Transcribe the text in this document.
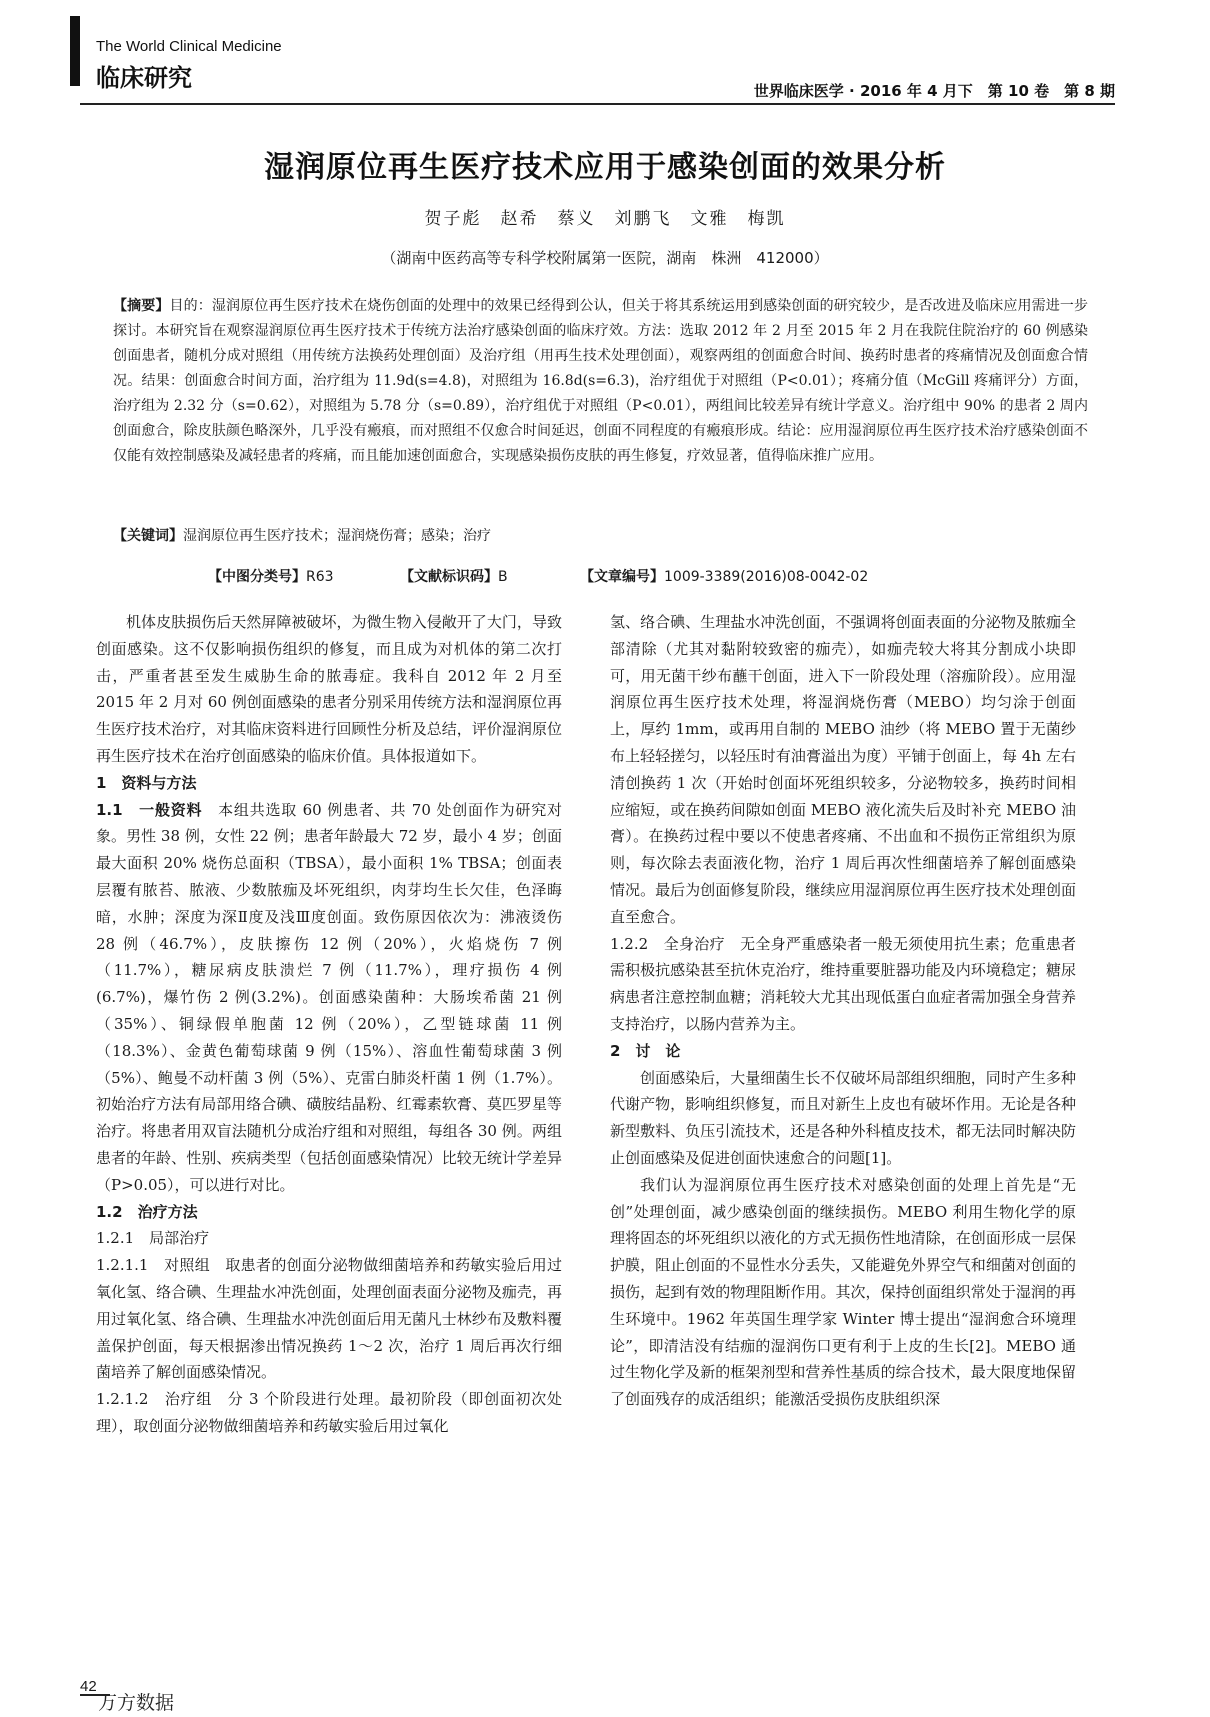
The World Clinical Medicine
临床研究	世界临床医学 · 2016 年 4 月下　第 10 卷　第 8 期
湿润原位再生医疗技术应用于感染创面的效果分析
贺子彪　赵希　蔡义　刘鹏飞　文雅　梅凯
（湖南中医药高等专科学校附属第一医院，湖南　株洲　412000）
【摘要】目的：湿润原位再生医疗技术在烧伤创面的处理中的效果已经得到公认，但关于将其系统运用到感染创面的研究较少，是否改进及临床应用需进一步探讨。本研究旨在观察湿润原位再生医疗技术于传统方法治疗感染创面的临床疗效。方法：选取 2012 年 2 月至 2015 年 2 月在我院住院治疗的 60 例感染创面患者，随机分成对照组（用传统方法换药处理创面）及治疗组（用再生技术处理创面），观察两组的创面愈合时间、换药时患者的疼痛情况及创面愈合情况。结果：创面愈合时间方面，治疗组为 11.9d(s=4.8)，对照组为 16.8d(s=6.3)，治疗组优于对照组（P<0.01）；疼痛分值（McGill 疼痛评分）方面，治疗组为 2.32 分（s=0.62），对照组为 5.78 分（s=0.89），治疗组优于对照组（P<0.01），两组间比较差异有统计学意义。治疗组中 90% 的患者 2 周内创面愈合，除皮肤颜色略深外，几乎没有瘢痕，而对照组不仅愈合时间延迟，创面不同程度的有瘢痕形成。结论：应用湿润原位再生医疗技术治疗感染创面不仅能有效控制感染及减轻患者的疼痛，而且能加速创面愈合，实现感染损伤皮肤的再生修复，疗效显著，值得临床推广应用。
【关键词】湿润原位再生医疗技术；湿润烧伤膏；感染；治疗
【中图分类号】R63	【文献标识码】B	【文章编号】1009-3389(2016)08-0042-02

机体皮肤损伤后天然屏障被破坏，为微生物入侵敞开了大门，导致创面感染。这不仅影响损伤组织的修复，而且成为对机体的第二次打击，严重者甚至发生威胁生命的脓毒症。我科自 2012 年 2 月至 2015 年 2 月对 60 例创面感染的患者分别采用传统方法和湿润原位再生医疗技术治疗，对其临床资料进行回顾性分析及总结，评价湿润原位再生医疗技术在治疗创面感染的临床价值。具体报道如下。

1　资料与方法

1.1　一般资料　 本组共选取 60 例患者、共 70 处创面作为研究对象。男性 38 例，女性 22 例；患者年龄最大 72 岁，最小 4 岁；创面最大面积 20% 烧伤总面积（TBSA），最小面积 1% TBSA；创面表层覆有脓苔、脓液、少数脓痂及坏死组织，肉芽均生长欠佳，色泽晦暗，水肿；深度为深Ⅱ度及浅Ⅲ度创面。致伤原因依次为：沸液烫伤 28 例（46.7%），皮肤擦伤 12 例（20%），火焰烧伤 7 例（11.7%），糖尿病皮肤溃烂 7 例（11.7%），理疗损伤 4 例(6.7%)，爆竹伤 2 例(3.2%)。创面感染菌种：大肠埃希菌 21 例（35%）、铜绿假单胞菌 12 例（20%），乙型链球菌 11 例（18.3%）、金黄色葡萄球菌 9 例（15%）、溶血性葡萄球菌 3 例（5%）、鲍曼不动杆菌 3 例（5%）、克雷白肺炎杆菌 1 例（1.7%）。初始治疗方法有局部用络合碘、磺胺结晶粉、红霉素软膏、莫匹罗星等治疗。将患者用双盲法随机分成治疗组和对照组，每组各 30 例。两组患者的年龄、性别、疾病类型（包括创面感染情况）比较无统计学差异（P>0.05），可以进行对比。

1.2　治疗方法

1.2.1　局部治疗

1.2.1.1　对照组　取患者的创面分泌物做细菌培养和药敏实验后用过氧化氢、络合碘、生理盐水冲洗创面，处理创面表面分泌物及痂壳，再用过氧化氢、络合碘、生理盐水冲洗创面后用无菌凡士林纱布及敷料覆盖保护创面，每天根据渗出情况换药 1～2 次，治疗 1 周后再次行细菌培养了解创面感染情况。

1.2.1.2　治疗组　分 3 个阶段进行处理。最初阶段（即创面初次处理），取创面分泌物做细菌培养和药敏实验后用过氧化

氢、络合碘、生理盐水冲洗创面，不强调将创面表面的分泌物及脓痂全部清除（尤其对黏附较致密的痂壳），如痂壳较大将其分割成小块即可，用无菌干纱布蘸干创面，进入下一阶段处理（溶痂阶段）。应用湿润原位再生医疗技术处理，将湿润烧伤膏（MEBO）均匀涂于创面上，厚约 1mm，或再用自制的 MEBO 油纱（将 MEBO 置于无菌纱布上轻轻搓匀，以轻压时有油膏溢出为度）平铺于创面上，每 4h 左右清创换药 1 次（开始时创面坏死组织较多，分泌物较多，换药时间相应缩短，或在换药间隙如创面 MEBO 液化流失后及时补充 MEBO 油膏）。在换药过程中要以不使患者疼痛、不出血和不损伤正常组织为原则，每次除去表面液化物，治疗 1 周后再次性细菌培养了解创面感染情况。最后为创面修复阶段，继续应用湿润原位再生医疗技术处理创面直至愈合。

1.2.2　全身治疗　无全身严重感染者一般无须使用抗生素；危重患者需积极抗感染甚至抗休克治疗，维持重要脏器功能及内环境稳定；糖尿病患者注意控制血糖；消耗较大尤其出现低蛋白血症者需加强全身营养支持治疗，以肠内营养为主。

2　讨　论

创面感染后，大量细菌生长不仅破坏局部组织细胞，同时产生多种代谢产物，影响组织修复，而且对新生上皮也有破坏作用。无论是各种新型敷料、负压引流技术，还是各种外科植皮技术，都无法同时解决防止创面感染及促进创面快速愈合的问题[1]。

我们认为湿润原位再生医疗技术对感染创面的处理上首先是“无创”处理创面，减少感染创面的继续损伤。MEBO 利用生物化学的原理将固态的坏死组织以液化的方式无损伤性地清除，在创面形成一层保护膜，阻止创面的不显性水分丢失，又能避免外界空气和细菌对创面的损伤，起到有效的物理阻断作用。其次，保持创面组织常处于湿润的再生环境中。1962 年英国生理学家 Winter 博士提出“湿润愈合环境理论”，即清洁没有结痂的湿润伤口更有利于上皮的生长[2]。MEBO 通过生物化学及新的框架剂型和营养性基质的综合技术，最大限度地保留了创面残存的成活组织；能激活受损伤皮肤组织深

42
万方数据
